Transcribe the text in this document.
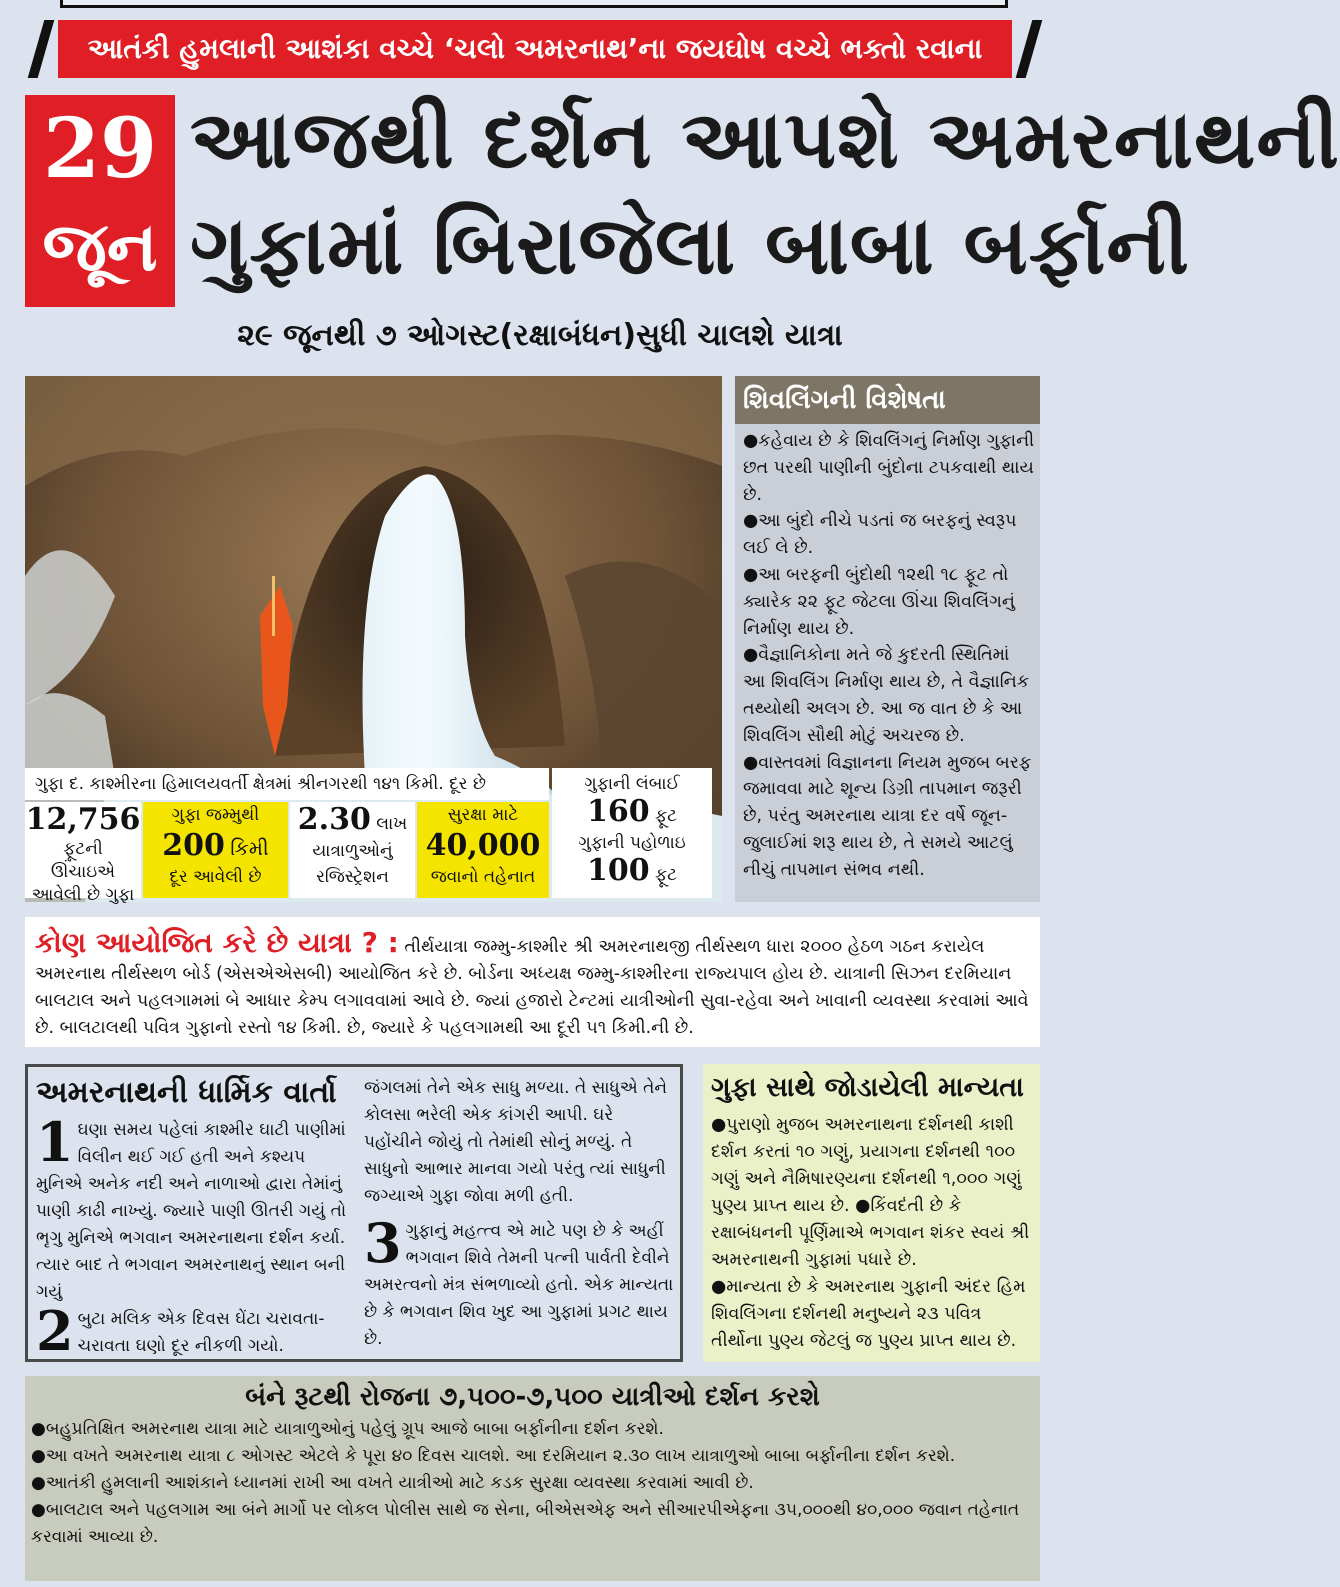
આતંકી હુમલાની આશંકા વચ્ચે ‘ચલો અમરનાથ’ના જયઘોષ વચ્ચે ભક્તો રવાના
29
જૂન
આજથી દર્શન આપશે અમરનાથની
ગુફામાં બિરાજેલા બાબા બર્ફાની
૨૯ જૂનથી ૭ ઓગસ્ટ(રક્ષાબંધન)સુધી ચાલશે યાત્રા
ગુફા દ. કાશ્મીરના હિમાલયવર્તી ક્ષેત્રમાં શ્રીનગરથી ૧૪૧ કિમી. દૂર છે
12,756
ફૂટની ઊંચાઇએ આવેલી છે ગુફા
ગુફા જમ્મુથી
200 કિમી
દૂર આવેલી છે
2.30 લાખ
યાત્રાળુઓનું
રજિસ્ટ્રેશન
સુરક્ષા માટે
40,000
જવાનો તહેનાત
ગુફાની લંબાઈ
160 ફૂટ
ગુફાની પહોળાઇ
100 ફૂટ
શિવલિંગની વિશેષતા

●કહેવાય છે કે શિવલિંગનું નિર્માણ ગુફાની છત પરથી પાણીની બુંદોના ટપકવાથી થાય છે.

●આ બુંદો નીચે પડતાં જ બરફનું સ્વરૂપ લઈ લે છે.

●આ બરફની બુંદોથી ૧૨થી ૧૮ ફૂટ તો ક્યારેક ૨૨ ફૂટ જેટલા ઊંચા શિવલિંગનું નિર્માણ થાય છે.

●વૈજ્ઞાનિકોના મતે જે કુદરતી સ્થિતિમાં આ શિવલિંગ નિર્માણ થાય છે, તે વૈજ્ઞાનિક તથ્યોથી અલગ છે. આ જ વાત છે કે આ શિવલિંગ સૌથી મોટું અચરજ છે.

●વાસ્તવમાં વિજ્ઞાનના નિયમ મુજબ બરફ જમાવવા માટે શૂન્ય ડિગ્રી તાપમાન જરૂરી છે, પરંતુ અમરનાથ યાત્રા દર વર્ષે જૂન-જુલાઈમાં શરૂ થાય છે, તે સમયે આટલું નીચું તાપમાન સંભવ નથી.

કોણ આયોજિત કરે છે યાત્રા ? : તીર્થયાત્રા જમ્મુ-કાશ્મીર શ્રી અમરનાથજી તીર્થસ્થળ ધારા ૨૦૦૦ હેઠળ ગઠન કરાયેલ અમરનાથ તીર્થસ્થળ બોર્ડ (એસએએસબી) આયોજિત કરે છે. બોર્ડના અધ્યક્ષ જમ્મુ-કાશ્મીરના રાજ્યપાલ હોય છે. યાત્રાની સિઝન દરમિયાન બાલટાલ અને પહલગામમાં બે આધાર કેમ્પ લગાવવામાં આવે છે. જ્યાં હજારો ટેન્ટમાં યાત્રીઓની સુવા-રહેવા અને ખાવાની વ્યવસ્થા કરવામાં આવે છે. બાલટાલથી પવિત્ર ગુફાનો રસ્તો ૧૪ કિમી. છે, જ્યારે કે પહલગામથી આ દૂરી ૫૧ કિમી.ની છે.
અમરનાથની ધાર્મિક વાર્તા

1 ઘણા સમય પહેલાં કાશ્મીર ઘાટી પાણીમાં વિલીન થઈ ગઈ હતી અને કશ્યપ મુનિએ અનેક નદી અને નાળાઓ દ્વારા તેમાંનું પાણી કાઢી નાખ્યું. જ્યારે પાણી ઊતરી ગયું તો ભૃગુ મુનિએ ભગવાન અમરનાથના દર્શન કર્યા. ત્યાર બાદ તે ભગવાન અમરનાથનું સ્થાન બની ગયું

2 બુટા મલિક એક દિવસ ઘેંટા ચરાવતા-ચરાવતા ઘણો દૂર નીકળી ગયો.

જંગલમાં તેને એક સાધુ મળ્યા. તે સાધુએ તેને કોલસા ભરેલી એક કાંગરી આપી. ઘરે પહોંચીને જોયું તો તેમાંથી સોનું મળ્યું. તે સાધુનો આભાર માનવા ગયો પરંતુ ત્યાં સાધુની જગ્યાએ ગુફા જોવા મળી હતી.

3 ગુફાનું મહત્ત્વ એ માટે પણ છે કે અહીં ભગવાન શિવે તેમની પત્ની પાર્વતી દેવીને અમરત્વનો મંત્ર સંભળાવ્યો હતો. એક માન્યતા છે કે ભગવાન શિવ ખુદ આ ગુફામાં પ્રગટ થાય છે.

ગુફા સાથે જોડાયેલી માન્યતા

●પુરાણો મુજબ અમરનાથના દર્શનથી કાશી દર્શન કરતાં ૧૦ ગણું, પ્રયાગના દર્શનથી ૧૦૦ ગણું અને નૈમિષારણ્યના દર્શનથી ૧,૦૦૦ ગણું પુણ્ય પ્રાપ્ત થાય છે. ●કિંવદંતી છે કે રક્ષાબંધનની પૂર્ણિમાએ ભગવાન શંકર સ્વયં શ્રી અમરનાથની ગુફામાં પધારે છે.

●માન્યતા છે કે અમરનાથ ગુફાની અંદર હિમ શિવલિંગના દર્શનથી મનુષ્યને ૨૩ પવિત્ર તીર્થોના પુણ્ય જેટલું જ પુણ્ય પ્રાપ્ત થાય છે.

બંને રૂટથી રોજના ૭,૫૦૦-૭,૫૦૦ યાત્રીઓ દર્શન કરશે

●બહુપ્રતિક્ષિત અમરનાથ યાત્રા માટે યાત્રાળુઓનું પહેલું ગ્રૂપ આજે બાબા બર્ફાનીના દર્શન કરશે.

●આ વખતે અમરનાથ યાત્રા ૮ ઓગસ્ટ એટલે કે પૂરા ૪૦ દિવસ ચાલશે. આ દરમિયાન ૨.૩૦ લાખ યાત્રાળુઓ બાબા બર્ફાનીના દર્શન કરશે.

●આતંકી હુમલાની આશંકાને ધ્યાનમાં રાખી આ વખતે યાત્રીઓ માટે કડક સુરક્ષા વ્યવસ્થા કરવામાં આવી છે.

●બાલટાલ અને પહલગામ આ બંને માર્ગો પર લોકલ પોલીસ સાથે જ સેના, બીએસએફ અને સીઆરપીએફના ૩૫,૦૦૦થી ૪૦,૦૦૦ જવાન તહેનાત કરવામાં આવ્યા છે.
